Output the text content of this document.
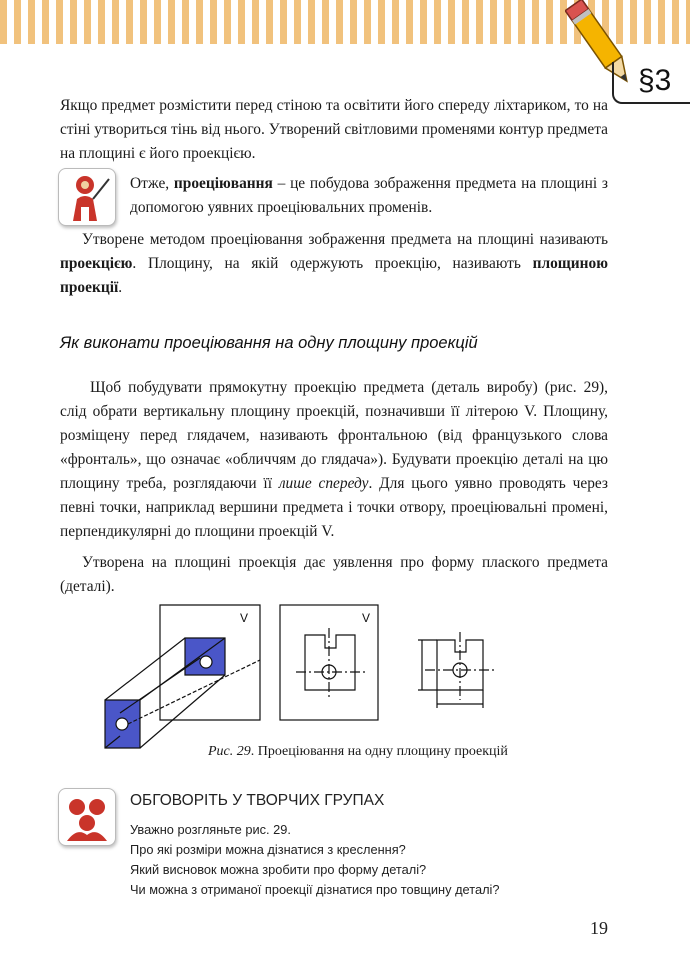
§3

Якщо предмет розмістити перед стіною та освітити його спереду ліхтариком, то на стіні утвориться тінь від нього. Утворений світловими променями контур предмета на площині є його проекцією.

Отже, проеціювання – це побудова зображення предмета на площині з допомогою уявних проеціювальних променів.

Утворене методом проеціювання зображення предмета на площині називають проекцією. Площину, на якій одержують проекцію, називають площиною проекції.

Як виконати проеціювання на одну площину проекцій

Щоб побудувати прямокутну проекцію предмета (деталь виробу) (рис. 29), слід обрати вертикальну площину проекцій, позначивши її літерою V. Площину, розміщену перед глядачем, називають фронтальною (від французького слова «фронталь», що означає «обличчям до глядача»). Будувати проекцію деталі на цю площину треба, розглядаючи її лише спереду. Для цього уявно проводять через певні точки, наприклад вершини предмета і точки отвору, проеціювальні промені, перпендикулярні до площини проекцій V.

Утворена на площині проекція дає уявлення про форму плаского предмета (деталі).

V	V
Рис. 29. Проеціювання на одну площину проекцій
ОБГОВОРІТЬ У ТВОРЧИХ ГРУПАХ

Уважно розгляньте рис. 29.

Про які розміри можна дізнатися з креслення?

Який висновок можна зробити про форму деталі?

Чи можна з отриманої проекції дізнатися про товщину деталі?

19
